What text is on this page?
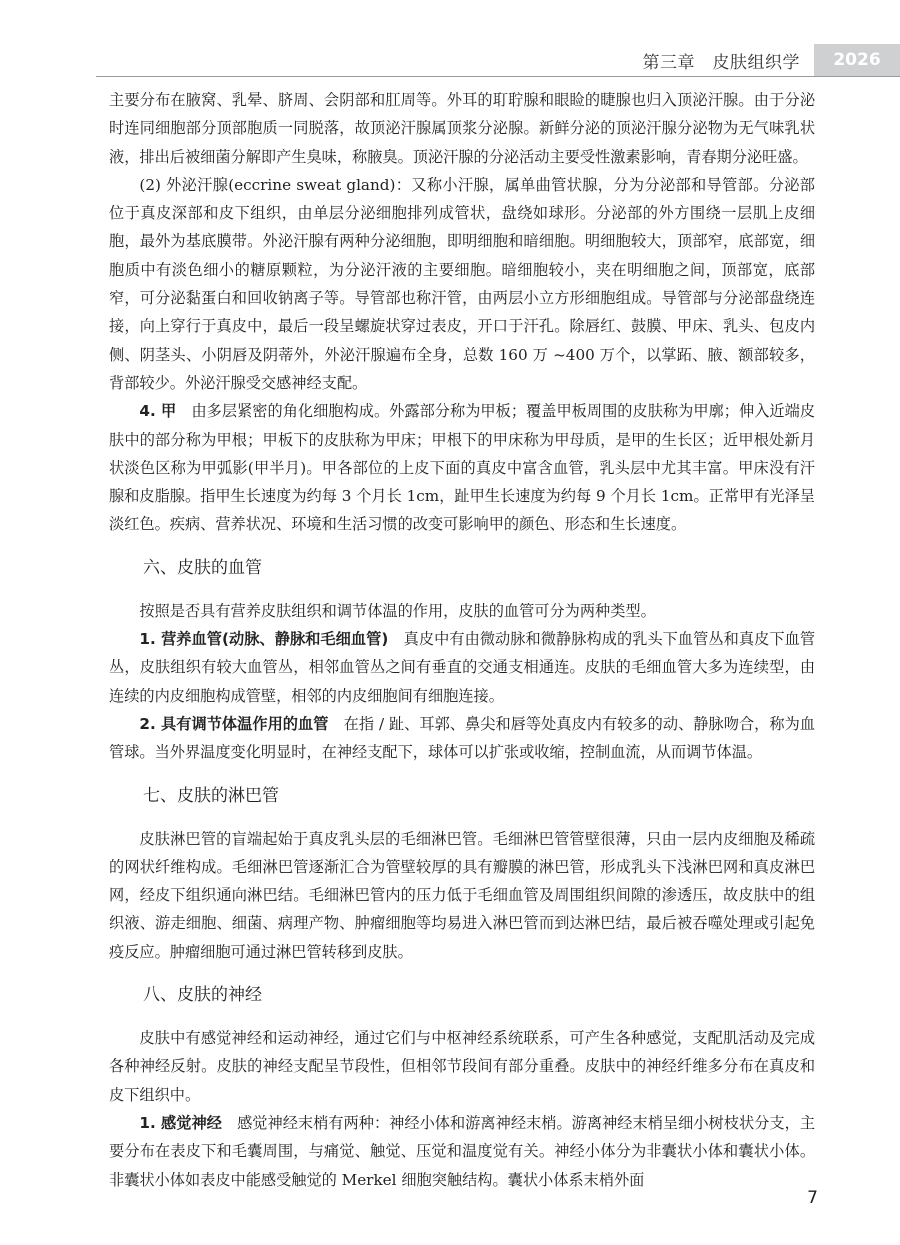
第三章　皮肤组织学	2026

主要分布在腋窝、乳晕、脐周、会阴部和肛周等。外耳的耵聍腺和眼睑的睫腺也归入顶泌汗腺。由于分泌时连同细胞部分顶部胞质一同脱落，故顶泌汗腺属顶浆分泌腺。新鲜分泌的顶泌汗腺分泌物为无气味乳状液，排出后被细菌分解即产生臭味，称腋臭。顶泌汗腺的分泌活动主要受性激素影响，青春期分泌旺盛。

(2) 外泌汗腺(eccrine sweat gland)：又称小汗腺，属单曲管状腺，分为分泌部和导管部。分泌部位于真皮深部和皮下组织，由单层分泌细胞排列成管状，盘绕如球形。分泌部的外方围绕一层肌上皮细胞，最外为基底膜带。外泌汗腺有两种分泌细胞，即明细胞和暗细胞。明细胞较大，顶部窄，底部宽，细胞质中有淡色细小的糖原颗粒，为分泌汗液的主要细胞。暗细胞较小，夹在明细胞之间，顶部宽，底部窄，可分泌黏蛋白和回收钠离子等。导管部也称汗管，由两层小立方形细胞组成。导管部与分泌部盘绕连接，向上穿行于真皮中，最后一段呈螺旋状穿过表皮，开口于汗孔。除唇红、鼓膜、甲床、乳头、包皮内侧、阴茎头、小阴唇及阴蒂外，外泌汗腺遍布全身，总数 160 万 ~400 万个，以掌跖、腋、额部较多，背部较少。外泌汗腺受交感神经支配。

4. 甲　由多层紧密的角化细胞构成。外露部分称为甲板；覆盖甲板周围的皮肤称为甲廓；伸入近端皮肤中的部分称为甲根；甲板下的皮肤称为甲床；甲根下的甲床称为甲母质，是甲的生长区；近甲根处新月状淡色区称为甲弧影(甲半月)。甲各部位的上皮下面的真皮中富含血管，乳头层中尤其丰富。甲床没有汗腺和皮脂腺。指甲生长速度为约每 3 个月长 1cm，趾甲生长速度为约每 9 个月长 1cm。正常甲有光泽呈淡红色。疾病、营养状况、环境和生活习惯的改变可影响甲的颜色、形态和生长速度。

六、皮肤的血管

按照是否具有营养皮肤组织和调节体温的作用，皮肤的血管可分为两种类型。

1. 营养血管(动脉、静脉和毛细血管)　真皮中有由微动脉和微静脉构成的乳头下血管丛和真皮下血管丛，皮肤组织有较大血管丛，相邻血管丛之间有垂直的交通支相通连。皮肤的毛细血管大多为连续型，由连续的内皮细胞构成管壁，相邻的内皮细胞间有细胞连接。

2. 具有调节体温作用的血管　在指 / 趾、耳郭、鼻尖和唇等处真皮内有较多的动、静脉吻合，称为血管球。当外界温度变化明显时，在神经支配下，球体可以扩张或收缩，控制血流，从而调节体温。

七、皮肤的淋巴管

皮肤淋巴管的盲端起始于真皮乳头层的毛细淋巴管。毛细淋巴管管壁很薄，只由一层内皮细胞及稀疏的网状纤维构成。毛细淋巴管逐渐汇合为管壁较厚的具有瓣膜的淋巴管，形成乳头下浅淋巴网和真皮淋巴网，经皮下组织通向淋巴结。毛细淋巴管内的压力低于毛细血管及周围组织间隙的渗透压，故皮肤中的组织液、游走细胞、细菌、病理产物、肿瘤细胞等均易进入淋巴管而到达淋巴结，最后被吞噬处理或引起免疫反应。肿瘤细胞可通过淋巴管转移到皮肤。

八、皮肤的神经

皮肤中有感觉神经和运动神经，通过它们与中枢神经系统联系，可产生各种感觉，支配肌活动及完成各种神经反射。皮肤的神经支配呈节段性，但相邻节段间有部分重叠。皮肤中的神经纤维多分布在真皮和皮下组织中。

1. 感觉神经　感觉神经末梢有两种：神经小体和游离神经末梢。游离神经末梢呈细小树枝状分支，主要分布在表皮下和毛囊周围，与痛觉、触觉、压觉和温度觉有关。神经小体分为非囊状小体和囊状小体。非囊状小体如表皮中能感受触觉的 Merkel 细胞突触结构。囊状小体系末梢外面

7
